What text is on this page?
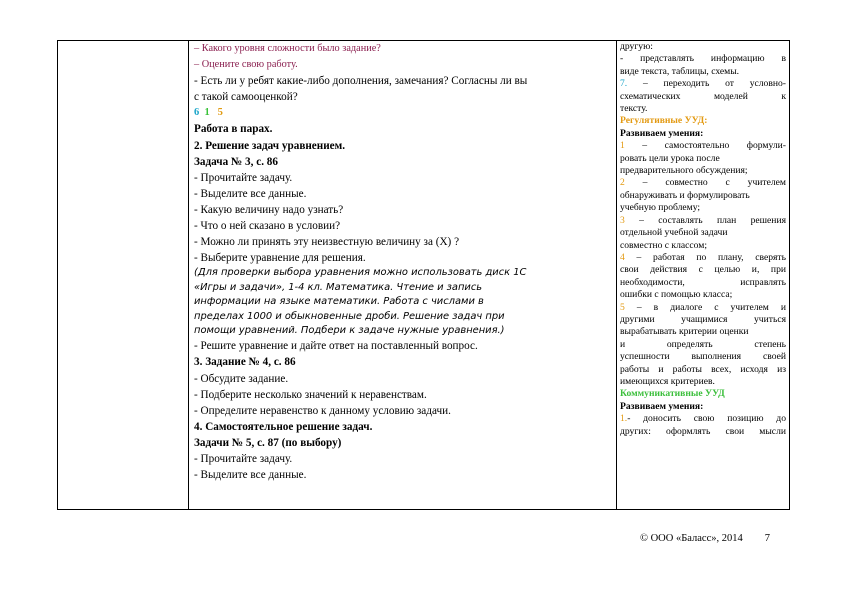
– Какого уровня сложности было задание?
– Оцените свою работу.
- Есть ли у ребят какие-либо дополнения, замечания? Согласны ли вы
с такой самооценкой?
6 1 5
Работа в парах.
2. Решение задач уравнением.
Задача № 3, с. 86
- Прочитайте задачу.
- Выделите все данные.
- Какую величину надо узнать?
- Что о ней сказано в условии?
- Можно ли принять эту неизвестную величину за (Х) ?
- Выберите уравнение для решения.
(Для проверки выбора уравнения можно использовать диск 1С
«Игры и задачи», 1-4 кл. Математика. Чтение и запись
информации на языке математики. Работа с числами в
пределах 1000 и обыкновенные дроби. Решение задач при
помощи уравнений. Подбери к задаче нужные уравнения.)
- Решите уравнение и дайте ответ на поставленный вопрос.
3. Задание № 4, с. 86
- Обсудите задание.
- Подберите несколько значений к неравенствам.
- Определите неравенство к данному условию задачи.
4. Самостоятельное решение задач.
Задачи № 5, с. 87 (по выбору)
- Прочитайте задачу.
- Выделите все данные.
другую:
- представлять информацию в
виде текста, таблицы, схемы.
7. – переходить от условно-
схематических моделей к
тексту.
Регулятивные УУД:
Развиваем умения:
1 – самостоятельно формули-
ровать цели урока после
предварительного обсуждения;
2 – совместно с учителем
обнаруживать и формулировать
учебную проблему;
3 – составлять план решения
отдельной учебной задачи
совместно с классом;
4 – работая по плану, сверять
свои действия с целью и, при
необходимости, исправлять
ошибки с помощью класса;
5 – в диалоге с учителем и
другими учащимися учиться
вырабатывать критерии оценки
и определять степень
успешности выполнения своей
работы и работы всех, исходя из
имеющихся критериев.
Коммуникативные УУД
Развиваем умения:
1.- доносить свою позицию до
других: оформлять свои мысли
© ООО «Баласс», 2014 7
